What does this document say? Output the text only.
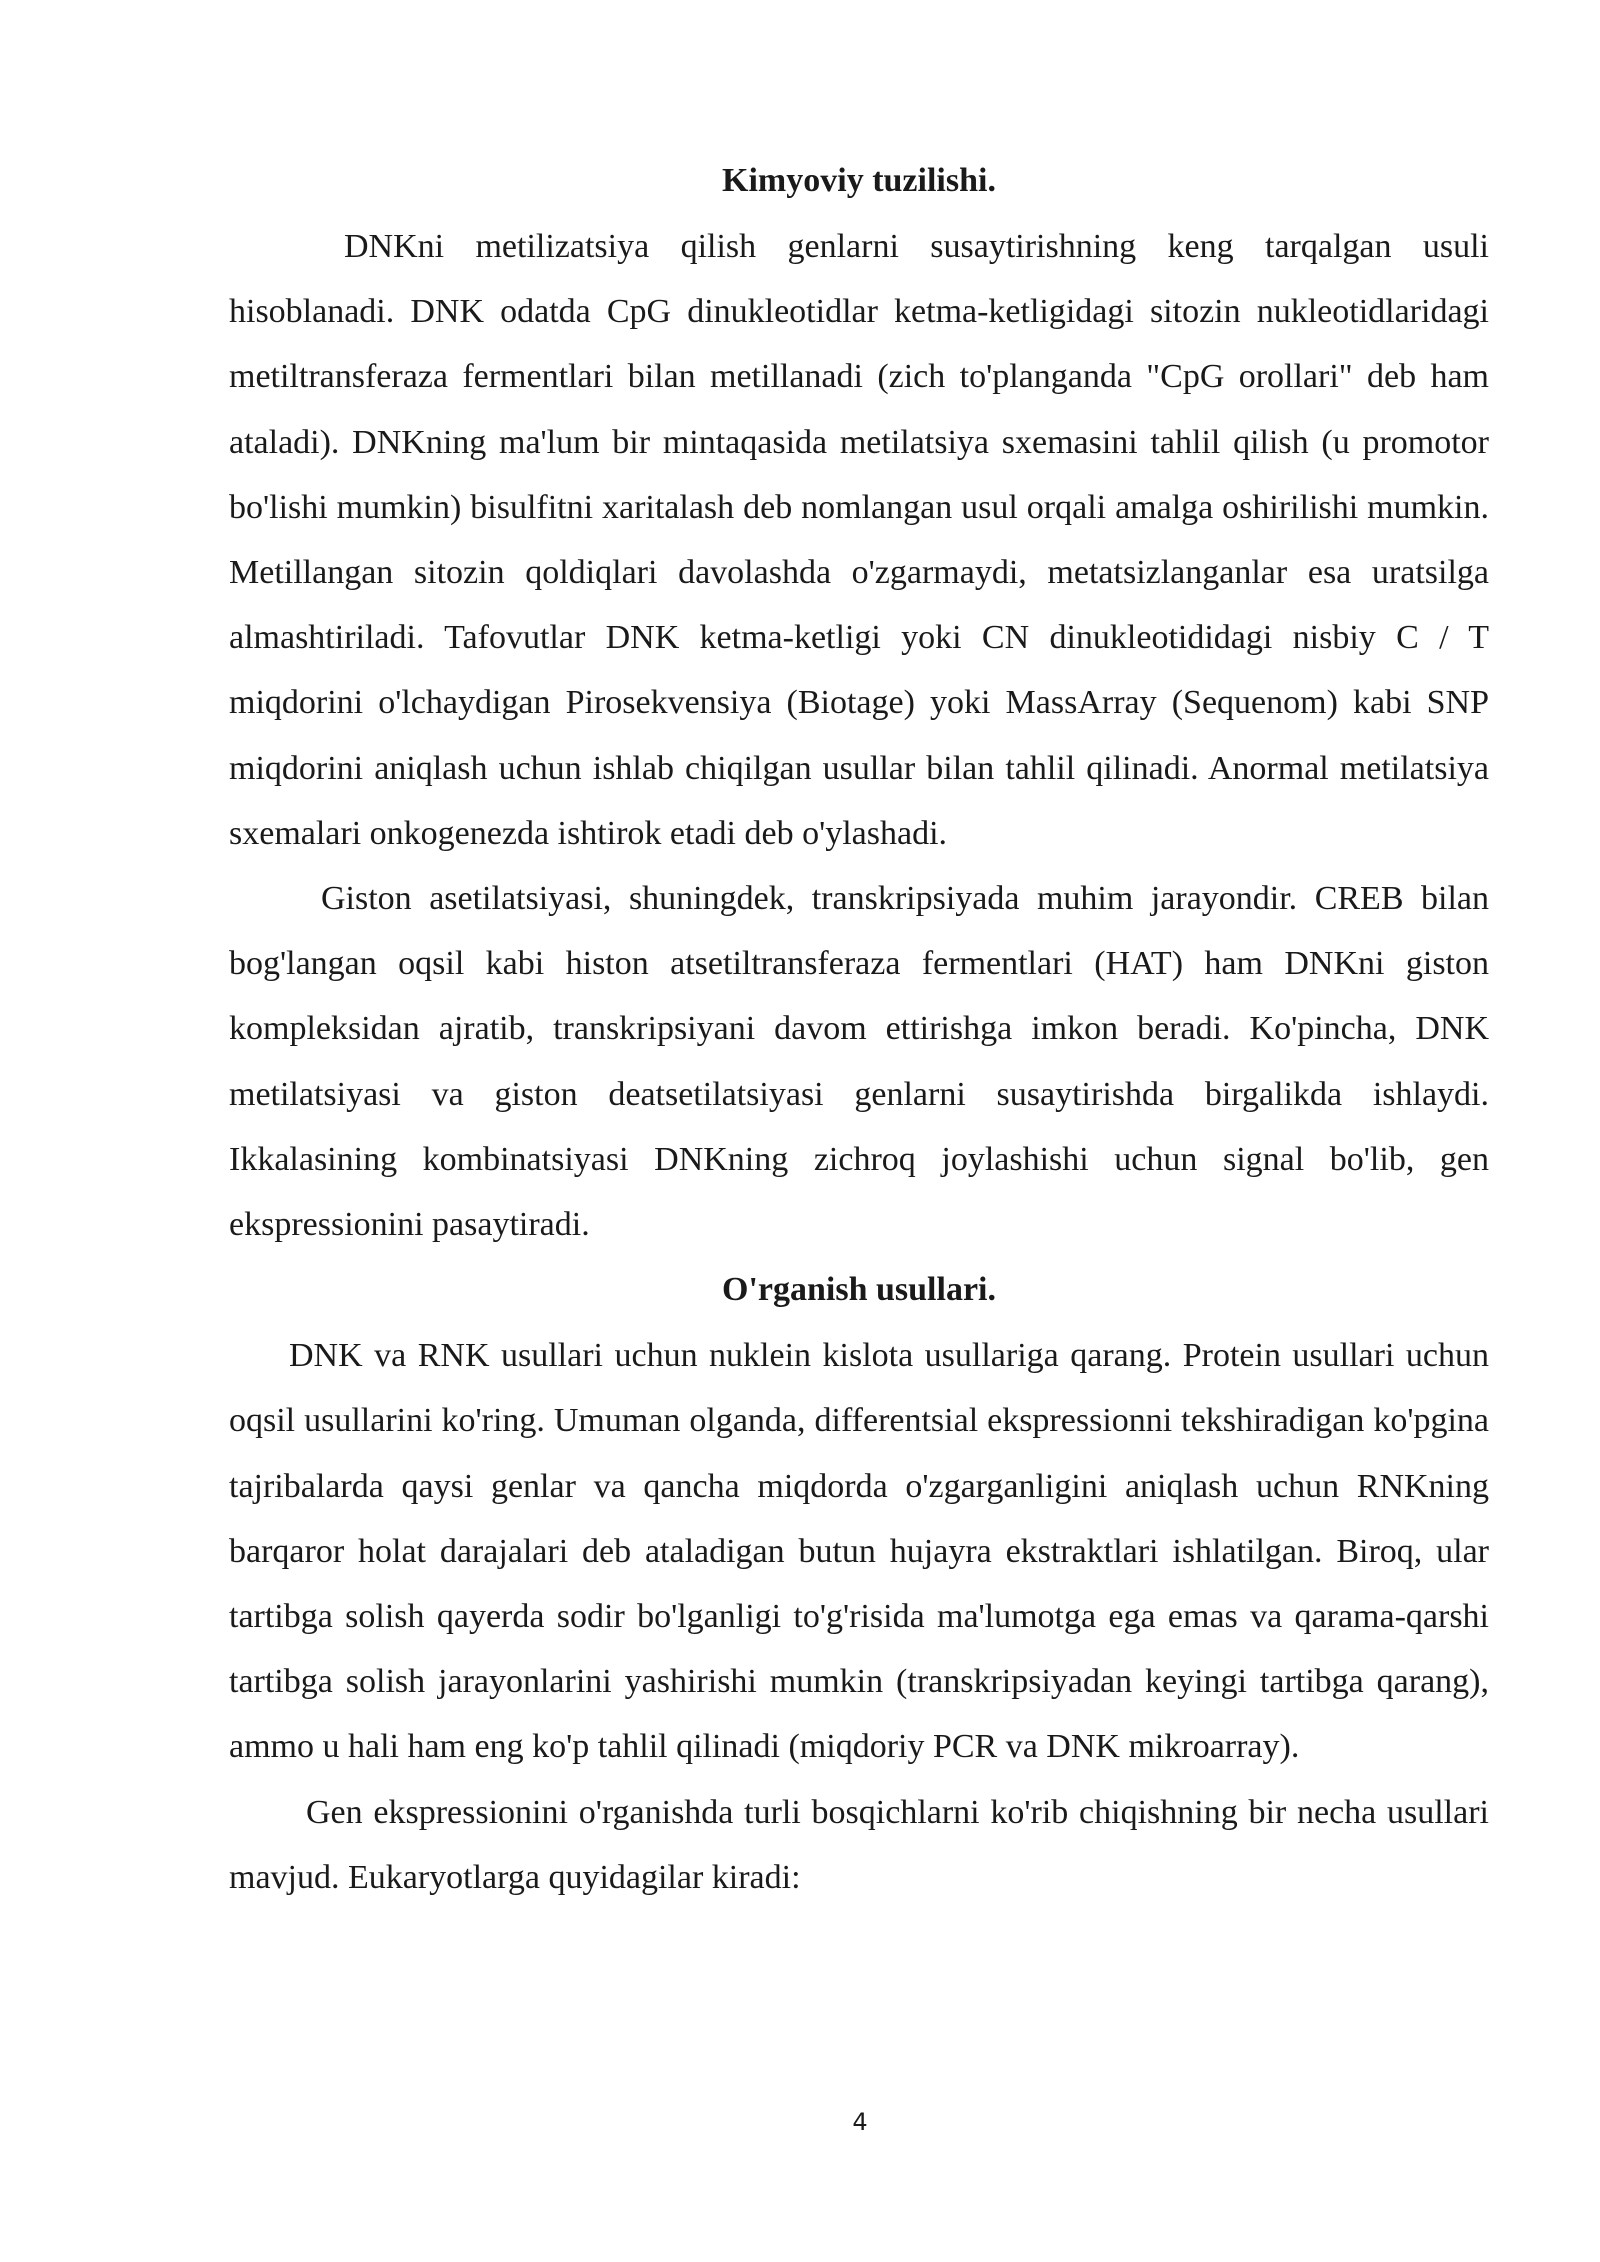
Kimyoviy tuzilishi.

DNKni metilizatsiya qilish genlarni susaytirishning keng tarqalgan usuli hisoblanadi. DNK odatda CpG dinukleotidlar ketma-ketligidagi sitozin nukleotidlaridagi metiltransferaza fermentlari bilan metillanadi (zich to'planganda "CpG orollari" deb ham ataladi). DNKning ma'lum bir mintaqasida metilatsiya sxemasini tahlil qilish (u promotor bo'lishi mumkin) bisulfitni xaritalash deb nomlangan usul orqali amalga oshirilishi mumkin. Metillangan sitozin qoldiqlari davolashda o'zgarmaydi, metatsizlanganlar esa uratsilga almashtiriladi. Tafovutlar DNK ketma-ketligi yoki CN dinukleotididagi nisbiy C / T miqdorini o'lchaydigan Pirosekvensiya (Biotage) yoki MassArray (Sequenom) kabi SNP miqdorini aniqlash uchun ishlab chiqilgan usullar bilan tahlil qilinadi. Anormal metilatsiya sxemalari onkogenezda ishtirok etadi deb o'ylashadi.

Giston asetilatsiyasi, shuningdek, transkripsiyada muhim jarayondir. CREB bilan bog'langan oqsil kabi histon atsetiltransferaza fermentlari (HAT) ham DNKni giston kompleksidan ajratib, transkripsiyani davom ettirishga imkon beradi. Ko'pincha, DNK metilatsiyasi va giston deatsetilatsiyasi genlarni susaytirishda birgalikda ishlaydi. Ikkalasining kombinatsiyasi DNKning zichroq joylashishi uchun signal bo'lib, gen ekspressionini pasaytiradi.

O'rganish usullari.

DNK va RNK usullari uchun nuklein kislota usullariga qarang. Protein usullari uchun oqsil usullarini ko'ring. Umuman olganda, differentsial ekspressionni tekshiradigan ko'pgina tajribalarda qaysi genlar va qancha miqdorda o'zgarganligini aniqlash uchun RNKning barqaror holat darajalari deb ataladigan butun hujayra ekstraktlari ishlatilgan. Biroq, ular tartibga solish qayerda sodir bo'lganligi to'g'risida ma'lumotga ega emas va qarama-qarshi tartibga solish jarayonlarini yashirishi mumkin (transkripsiyadan keyingi tartibga qarang), ammo u hali ham eng ko'p tahlil qilinadi (miqdoriy PCR va DNK mikroarray).

Gen ekspressionini o'rganishda turli bosqichlarni ko'rib chiqishning bir necha usullari mavjud. Eukaryotlarga quyidagilar kiradi:

4
